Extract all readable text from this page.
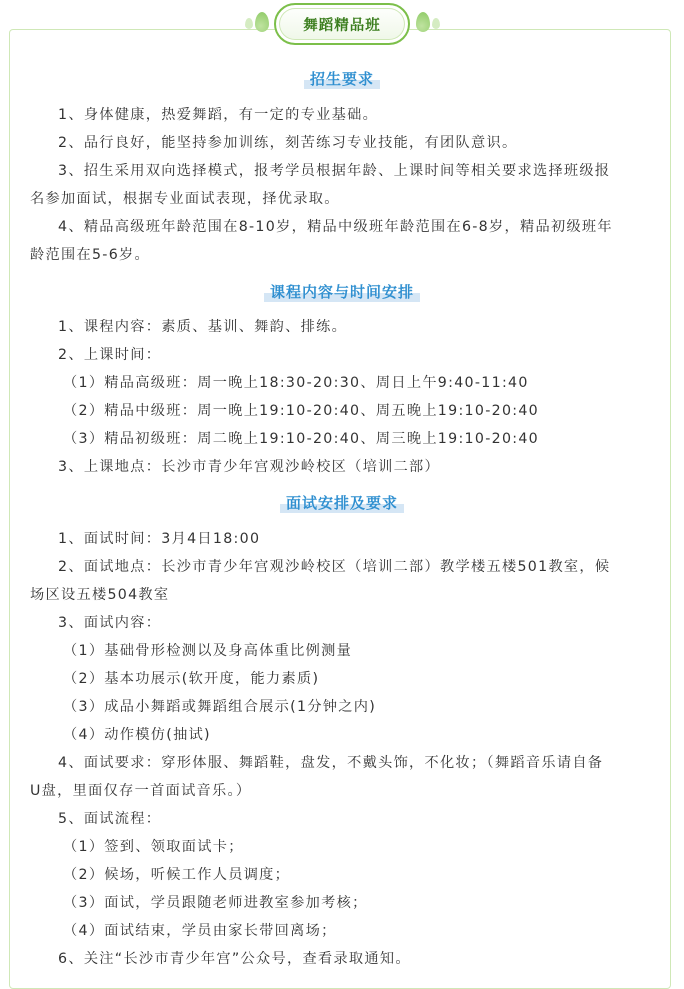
舞蹈精品班
招生要求
1、身体健康，热爱舞蹈，有一定的专业基础。
2、品行良好，能坚持参加训练，刻苦练习专业技能，有团队意识。
3、招生采用双向选择模式，报考学员根据年龄、上课时间等相关要求选择班级报
名参加面试，根据专业面试表现，择优录取。
4、精品高级班年龄范围在8-10岁，精品中级班年龄范围在6-8岁，精品初级班年
龄范围在5-6岁。
课程内容与时间安排
1、课程内容：素质、基训、舞韵、排练。
2、上课时间：
（1）精品高级班：周一晚上18:30-20:30、周日上午9:40-11:40
（2）精品中级班：周一晚上19:10-20:40、周五晚上19:10-20:40
（3）精品初级班：周二晚上19:10-20:40、周三晚上19:10-20:40
3、上课地点：长沙市青少年宫观沙岭校区（培训二部）
面试安排及要求
1、面试时间：3月4日18:00
2、面试地点：长沙市青少年宫观沙岭校区（培训二部）教学楼五楼501教室，候
场区设五楼504教室
3、面试内容：
（1）基础骨形检测以及身高体重比例测量
（2）基本功展示(软开度，能力素质)
（3）成品小舞蹈或舞蹈组合展示(1分钟之内)
（4）动作模仿(抽试)
4、面试要求：穿形体服、舞蹈鞋，盘发，不戴头饰，不化妆；（舞蹈音乐请自备
U盘，里面仅存一首面试音乐。）
5、面试流程：
（1）签到、领取面试卡；
（2）候场，听候工作人员调度；
（3）面试，学员跟随老师进教室参加考核；
（4）面试结束，学员由家长带回离场；
6、关注“长沙市青少年宫”公众号，查看录取通知。
